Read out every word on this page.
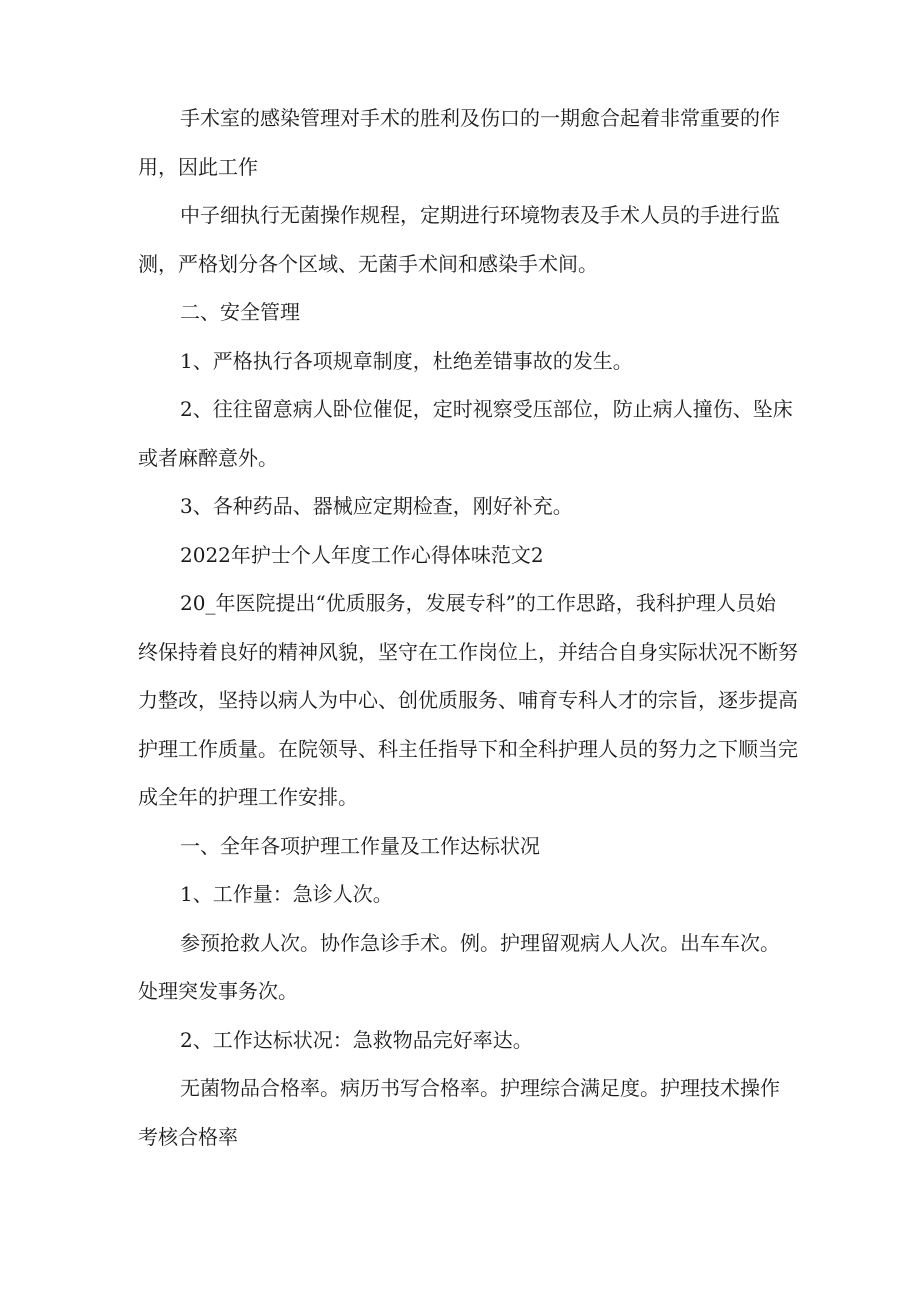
手术室的感染管理对手术的胜利及伤口的一期愈合起着非常重要的作

用，因此工作

中子细执行无菌操作规程，定期进行环境物表及手术人员的手进行监

测，严格划分各个区域、无菌手术间和感染手术间。

二、安全管理

1、严格执行各项规章制度，杜绝差错事故的发生。

2、往往留意病人卧位催促，定时视察受压部位，防止病人撞伤、坠床

或者麻醉意外。

3、各种药品、器械应定期检查，刚好补充。

2022年护士个人年度工作心得体味范文2

20_年医院提出“优质服务，发展专科”的工作思路，我科护理人员始

终保持着良好的精神风貌，坚守在工作岗位上，并结合自身实际状况不断努

力整改，坚持以病人为中心、创优质服务、哺育专科人才的宗旨，逐步提高

护理工作质量。在院领导、科主任指导下和全科护理人员的努力之下顺当完

成全年的护理工作安排。

一、全年各项护理工作量及工作达标状况

1、工作量：急诊人次。

参预抢救人次。协作急诊手术。例。护理留观病人人次。出车车次。

处理突发事务次。

2、工作达标状况：急救物品完好率达。

无菌物品合格率。病历书写合格率。护理综合满足度。护理技术操作

考核合格率
